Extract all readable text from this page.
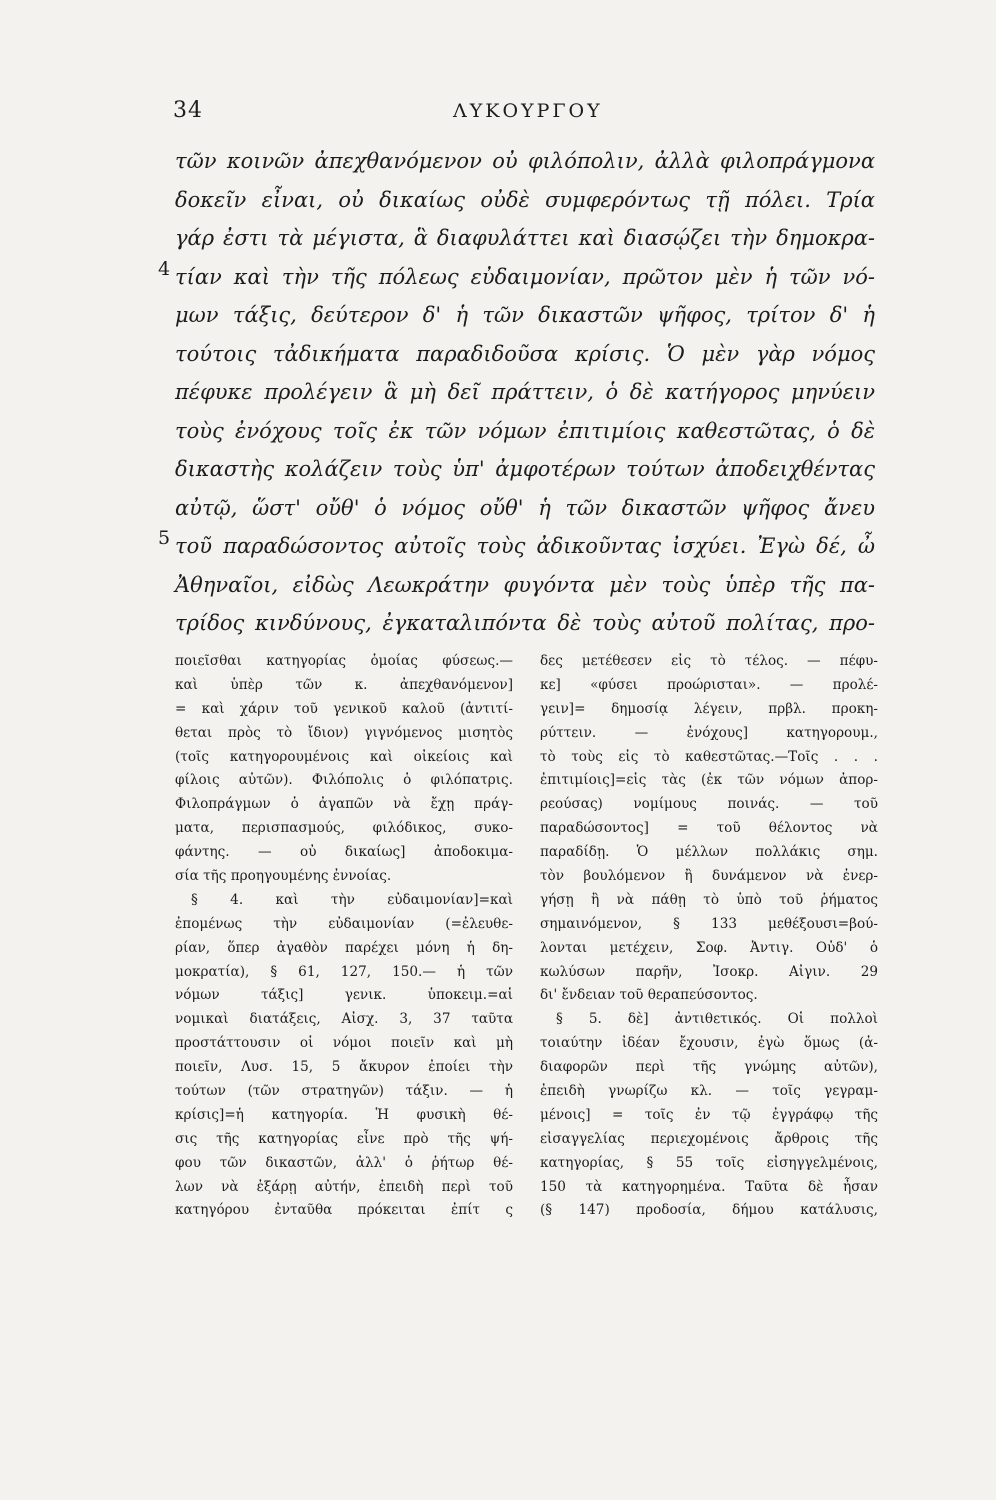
34	ΛΥΚΟΥΡΓΟΥ
τῶν κοινῶν ἀπεχθανόμενον οὐ φιλόπολιν, ἀλλὰ φιλοπράγμονα
δοκεῖν εἶναι, οὐ δικαίως οὐδὲ συμφερόντως τῇ πόλει. Τρία
γάρ ἐστι τὰ μέγιστα, ἃ διαφυλάττει καὶ διασῴζει τὴν δημοκρα-
4 τίαν καὶ τὴν τῆς πόλεως εὐδαιμονίαν, πρῶτον μὲν ἡ τῶν νό-
μων τάξις, δεύτερον δ' ἡ τῶν δικαστῶν ψῆφος, τρίτον δ' ἡ
τούτοις τἀδικήματα παραδιδοῦσα κρίσις. Ὁ μὲν γὰρ νόμος
πέφυκε προλέγειν ἃ μὴ δεῖ πράττειν, ὁ δὲ κατήγορος μηνύειν
τοὺς ἐνόχους τοῖς ἐκ τῶν νόμων ἐπιτιμίοις καθεστῶτας, ὁ δὲ
δικαστὴς κολάζειν τοὺς ὑπ' ἀμφοτέρων τούτων ἀποδειχθέντας
αὐτῷ, ὥστ' οὔθ' ὁ νόμος οὔθ' ἡ τῶν δικαστῶν ψῆφος ἄνευ
5 τοῦ παραδώσοντος αὐτοῖς τοὺς ἀδικοῦντας ἰσχύει. Ἐγὼ δέ, ὦ
Ἀθηναῖοι, εἰδὼς Λεωκράτην φυγόντα μὲν τοὺς ὑπὲρ τῆς πα-
τρίδος κινδύνους, ἐγκαταλιπόντα δὲ τοὺς αὐτοῦ πολίτας, προ-
ποιεῖσθαι κατηγορίας ὁμοίας φύσεως.—
καὶ ὑπὲρ τῶν κ. ἀπεχθανόμενον]
= καὶ χάριν τοῦ γενικοῦ καλοῦ (ἀντιτί-
θεται πρὸς τὸ ἴδιον) γιγνόμενος μισητὸς
(τοῖς κατηγορουμένοις καὶ οἰκείοις καὶ
φίλοις αὐτῶν). Φιλόπολις ὁ φιλόπατρις.
Φιλοπράγμων ὁ ἀγαπῶν νὰ ἔχῃ πράγ-
ματα, περισπασμούς, φιλόδικος, συκο-
φάντης. — οὐ δικαίως] ἀποδοκιμα-
σία τῆς προηγουμένης ἐννοίας.
§ 4. καὶ τὴν εὐδαιμονίαν]=καὶ
ἐπομένως τὴν εὐδαιμονίαν (=ἐλευθε-
ρίαν, ὅπερ ἀγαθὸν παρέχει μόνη ἡ δη-
μοκρατία), § 61, 127, 150.— ἡ τῶν
νόμων τάξις] γενικ. ὑποκειμ.=αἱ
νομικαὶ διατάξεις, Αἰσχ. 3, 37 ταῦτα
προστάττουσιν οἱ νόμοι ποιεῖν καὶ μὴ
ποιεῖν, Λυσ. 15, 5 ἄκυρον ἐποίει τὴν
τούτων (τῶν στρατηγῶν) τάξιν. — ἡ
κρίσις]=ἡ κατηγορία. Ἡ φυσικὴ θέ-
σις τῆς κατηγορίας εἶνε πρὸ τῆς ψή-
φου τῶν δικαστῶν, ἀλλ' ὁ ῥήτωρ θέ-
λων νὰ ἐξάρῃ αὐτήν, ἐπειδὴ περὶ τοῦ
κατηγόρου ἐνταῦθα πρόκειται ἐπίτ ς
δες μετέθεσεν εἰς τὸ τέλος. — πέφυ-
κε] «φύσει προώρισται». — προλέ-
γειν]= δημοσίᾳ λέγειν, πρβλ. προκη-
ρύττειν. — ἐνόχους] κατηγορουμ.,
τὸ τοὺς εἰς τὸ καθεστῶτας.—Τοῖς . . .
ἐπιτιμίοις]=εἰς τὰς (ἐκ τῶν νόμων ἀπορ-
ρεούσας) νομίμους ποινάς. — τοῦ
παραδώσοντος] = τοῦ θέλοντος νὰ
παραδίδῃ. Ὁ μέλλων πολλάκις σημ.
τὸν βουλόμενον ἢ δυνάμενον νὰ ἐνερ-
γήσῃ ἢ νὰ πάθῃ τὸ ὑπὸ τοῦ ῥήματος
σημαινόμενον, § 133 μεθέξουσι=βού-
λονται μετέχειν, Σοφ. Ἀντιγ. Οὐδ' ὁ
κωλύσων παρῆν, Ἰσοκρ. Αἰγιν. 29
δι' ἔνδειαν τοῦ θεραπεύσοντος.
§ 5. δὲ] ἀντιθετικός. Οἱ πολλοὶ
τοιαύτην ἰδέαν ἔχουσιν, ἐγὼ ὅμως (ἀ-
διαφορῶν περὶ τῆς γνώμης αὐτῶν),
ἐπειδὴ γνωρίζω κλ. — τοῖς γεγραμ-
μένοις] = τοῖς ἐν τῷ ἐγγράφῳ τῆς
εἰσαγγελίας περιεχομένοις ἄρθροις τῆς
κατηγορίας, § 55 τοῖς εἰσηγγελμένοις,
150 τὰ κατηγορημένα. Ταῦτα δὲ ἦσαν
(§ 147) προδοσία, δήμου κατάλυσις,
